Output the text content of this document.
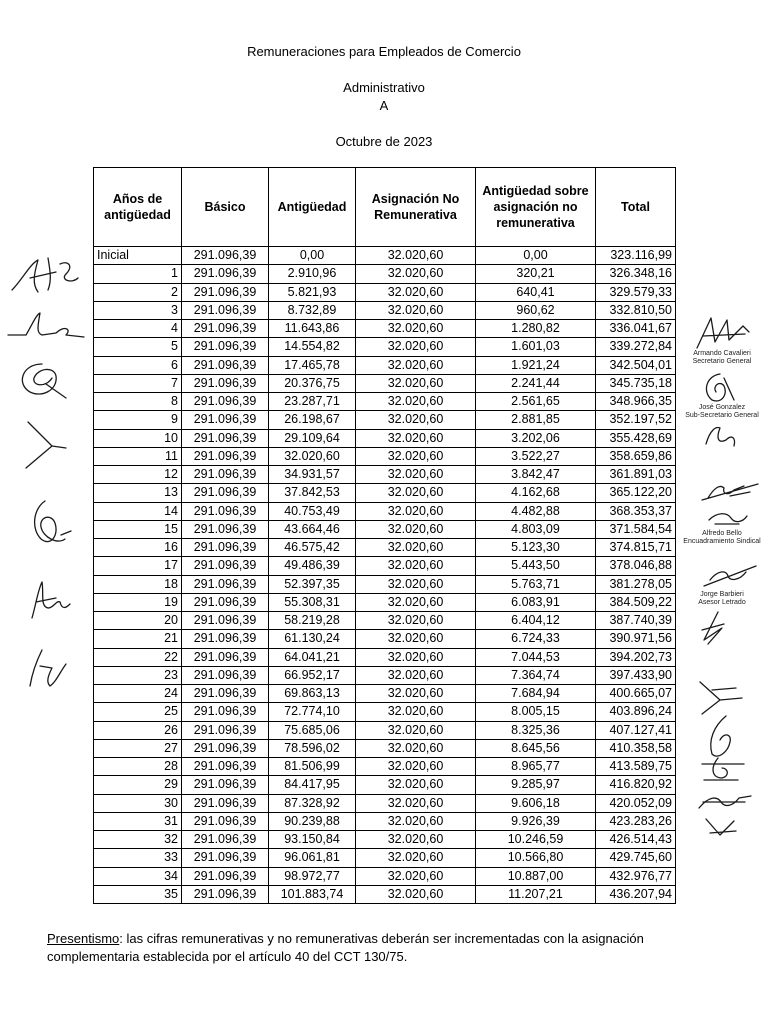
Remuneraciones para Empleados de Comercio
Administrativo
A
Octubre de 2023
Años de antigüedad	Básico	Antigüedad	Asignación No Remunerativa	Antigüedad sobre asignación no remunerativa	Total
Inicial	291.096,39	0,00	32.020,60	0,00	323.116,99
1	291.096,39	2.910,96	32.020,60	320,21	326.348,16
2	291.096,39	5.821,93	32.020,60	640,41	329.579,33
3	291.096,39	8.732,89	32.020,60	960,62	332.810,50
4	291.096,39	11.643,86	32.020,60	1.280,82	336.041,67
5	291.096,39	14.554,82	32.020,60	1.601,03	339.272,84
6	291.096,39	17.465,78	32.020,60	1.921,24	342.504,01
7	291.096,39	20.376,75	32.020,60	2.241,44	345.735,18
8	291.096,39	23.287,71	32.020,60	2.561,65	348.966,35
9	291.096,39	26.198,67	32.020,60	2.881,85	352.197,52
10	291.096,39	29.109,64	32.020,60	3.202,06	355.428,69
11	291.096,39	32.020,60	32.020,60	3.522,27	358.659,86
12	291.096,39	34.931,57	32.020,60	3.842,47	361.891,03
13	291.096,39	37.842,53	32.020,60	4.162,68	365.122,20
14	291.096,39	40.753,49	32.020,60	4.482,88	368.353,37
15	291.096,39	43.664,46	32.020,60	4.803,09	371.584,54
16	291.096,39	46.575,42	32.020,60	5.123,30	374.815,71
17	291.096,39	49.486,39	32.020,60	5.443,50	378.046,88
18	291.096,39	52.397,35	32.020,60	5.763,71	381.278,05
19	291.096,39	55.308,31	32.020,60	6.083,91	384.509,22
20	291.096,39	58.219,28	32.020,60	6.404,12	387.740,39
21	291.096,39	61.130,24	32.020,60	6.724,33	390.971,56
22	291.096,39	64.041,21	32.020,60	7.044,53	394.202,73
23	291.096,39	66.952,17	32.020,60	7.364,74	397.433,90
24	291.096,39	69.863,13	32.020,60	7.684,94	400.665,07
25	291.096,39	72.774,10	32.020,60	8.005,15	403.896,24
26	291.096,39	75.685,06	32.020,60	8.325,36	407.127,41
27	291.096,39	78.596,02	32.020,60	8.645,56	410.358,58
28	291.096,39	81.506,99	32.020,60	8.965,77	413.589,75
29	291.096,39	84.417,95	32.020,60	9.285,97	416.820,92
30	291.096,39	87.328,92	32.020,60	9.606,18	420.052,09
31	291.096,39	90.239,88	32.020,60	9.926,39	423.283,26
32	291.096,39	93.150,84	32.020,60	10.246,59	426.514,43
33	291.096,39	96.061,81	32.020,60	10.566,80	429.745,60
34	291.096,39	98.972,77	32.020,60	10.887,00	432.976,77
35	291.096,39	101.883,74	32.020,60	11.207,21	436.207,94
Presentismo: las cifras remunerativas y no remunerativas deberán ser incrementadas con la asignación complementaria establecida por el artículo 40 del CCT 130/75.
Armando Cavalieri
Secretario General
José Gonzalez
Sub-Secretario General
Alfredo Bello
Encuadramiento Sindical
Jorge Barbieri
Asesor Letrado
